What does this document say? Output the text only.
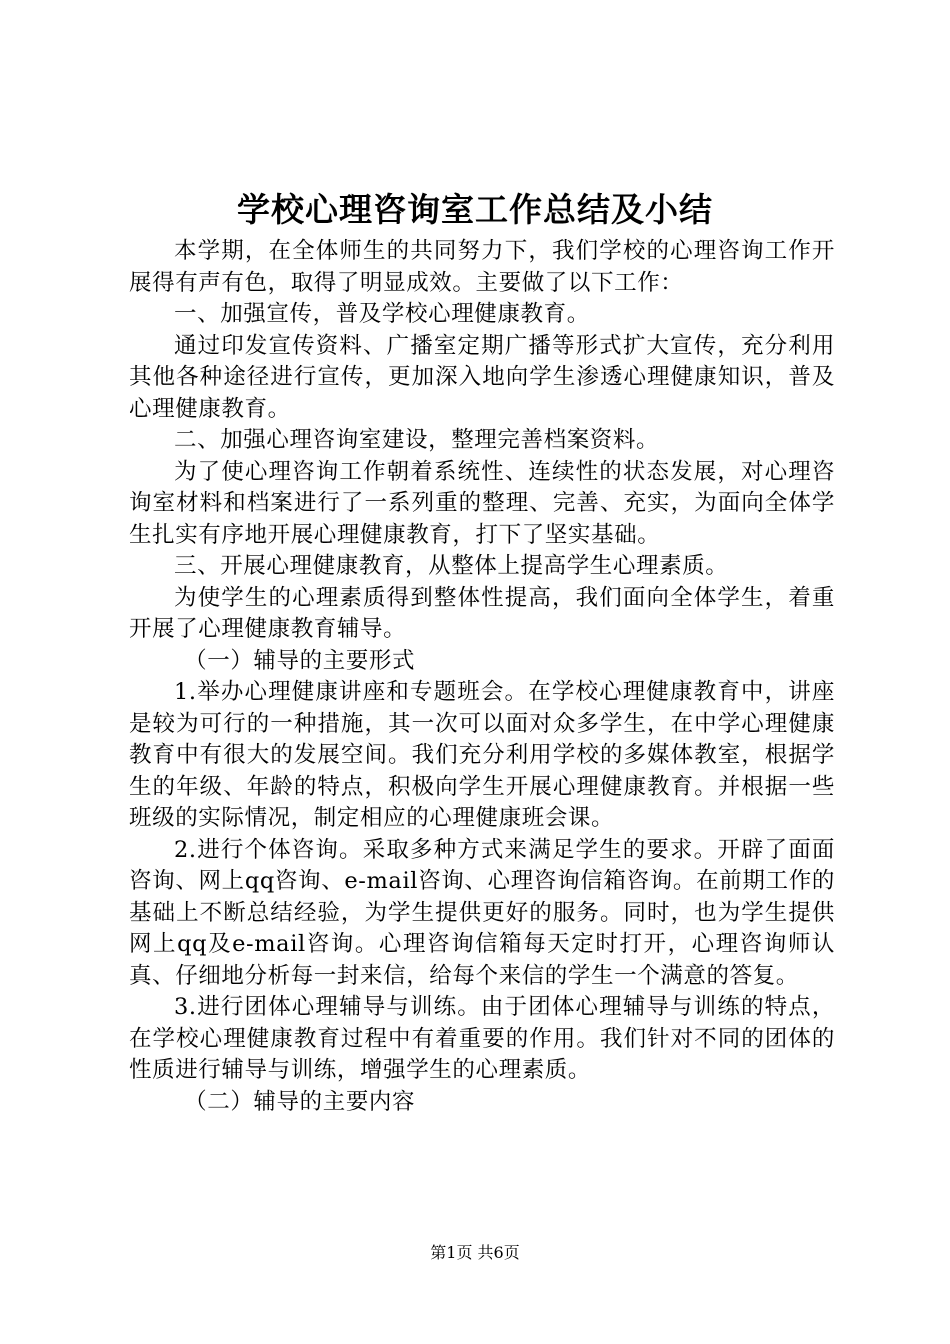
学校心理咨询室工作总结及小结

本学期，在全体师生的共同努力下，我们学校的心理咨询工作开展得有声有色，取得了明显成效。主要做了以下工作：

一、加强宣传，普及学校心理健康教育。

通过印发宣传资料、广播室定期广播等形式扩大宣传，充分利用其他各种途径进行宣传，更加深入地向学生渗透心理健康知识，普及心理健康教育。

二、加强心理咨询室建设，整理完善档案资料。

为了使心理咨询工作朝着系统性、连续性的状态发展，对心理咨询室材料和档案进行了一系列重的整理、完善、充实，为面向全体学生扎实有序地开展心理健康教育，打下了坚实基础。

三、开展心理健康教育，从整体上提高学生心理素质。

为使学生的心理素质得到整体性提高，我们面向全体学生，着重开展了心理健康教育辅导。

（一）辅导的主要形式

1.举办心理健康讲座和专题班会。在学校心理健康教育中，讲座是较为可行的一种措施，其一次可以面对众多学生，在中学心理健康教育中有很大的发展空间。我们充分利用学校的多媒体教室，根据学生的年级、年龄的特点，积极向学生开展心理健康教育。并根据一些班级的实际情况，制定相应的心理健康班会课。

2.进行个体咨询。采取多种方式来满足学生的要求。开辟了面面咨询、网上qq咨询、e-mail咨询、心理咨询信箱咨询。在前期工作的基础上不断总结经验，为学生提供更好的服务。同时，也为学生提供网上qq及e-mail咨询。心理咨询信箱每天定时打开，心理咨询师认真、仔细地分析每一封来信，给每个来信的学生一个满意的答复。

3.进行团体心理辅导与训练。由于团体心理辅导与训练的特点，在学校心理健康教育过程中有着重要的作用。我们针对不同的团体的性质进行辅导与训练，增强学生的心理素质。

（二）辅导的主要内容

第1页 共6页
